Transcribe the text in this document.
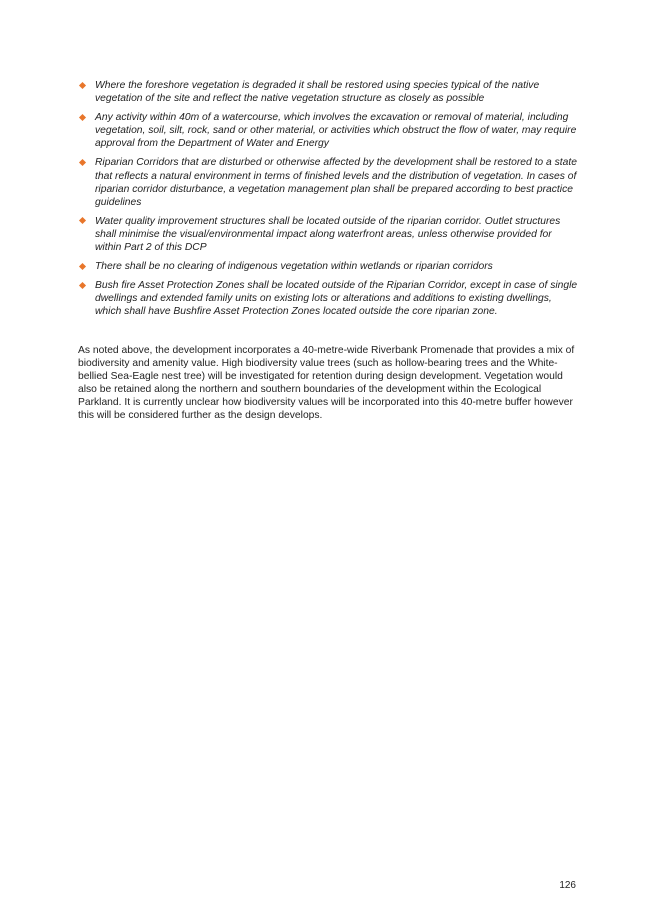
Where the foreshore vegetation is degraded it shall be restored using species typical of the native vegetation of the site and reflect the native vegetation structure as closely as possible
Any activity within 40m of a watercourse, which involves the excavation or removal of material, including vegetation, soil, silt, rock, sand or other material, or activities which obstruct the flow of water, may require approval from the Department of Water and Energy
Riparian Corridors that are disturbed or otherwise affected by the development shall be restored to a state that reflects a natural environment in terms of finished levels and the distribution of vegetation. In cases of riparian corridor disturbance, a vegetation management plan shall be prepared according to best practice guidelines
Water quality improvement structures shall be located outside of the riparian corridor. Outlet structures shall minimise the visual/environmental impact along waterfront areas, unless otherwise provided for within Part 2 of this DCP
There shall be no clearing of indigenous vegetation within wetlands or riparian corridors
Bush fire Asset Protection Zones shall be located outside of the Riparian Corridor, except in case of single dwellings and extended family units on existing lots or alterations and additions to existing dwellings, which shall have Bushfire Asset Protection Zones located outside the core riparian zone.

As noted above, the development incorporates a 40-metre-wide Riverbank Promenade that provides a mix of biodiversity and amenity value. High biodiversity value trees (such as hollow-bearing trees and the White-bellied Sea-Eagle nest tree) will be investigated for retention during design development. Vegetation would also be retained along the northern and southern boundaries of the development within the Ecological Parkland. It is currently unclear how biodiversity values will be incorporated into this 40-metre buffer however this will be considered further as the design develops.

126
